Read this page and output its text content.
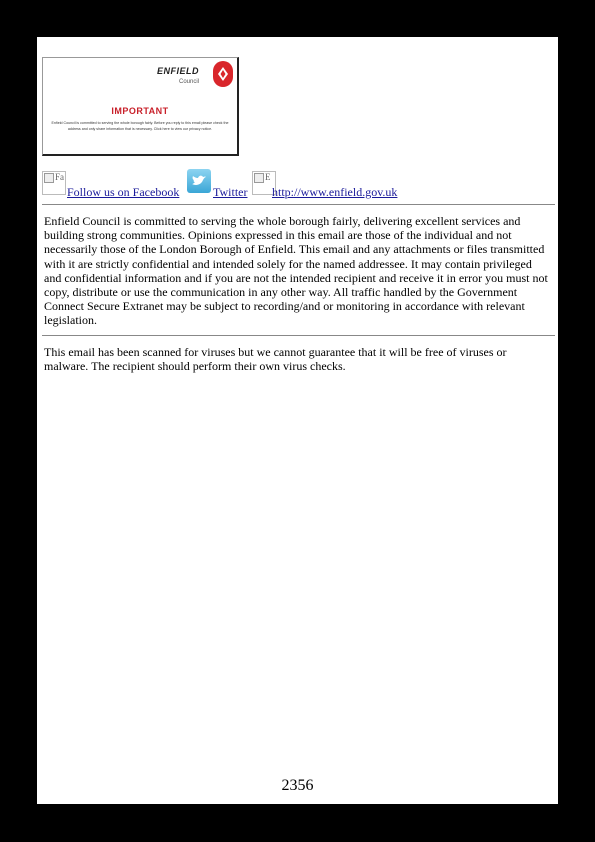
ENFIELD
Council
IMPORTANT
Enfield Council is committed to serving the whole borough fairly. Before you reply to this email please check the address and only share information that is necessary. Click here to view our privacy notice.
Fa
Follow us on Facebook	Twitter
E
http://www.enfield.gov.uk

Enfield Council is committed to serving the whole borough fairly, delivering excellent services and building strong communities. Opinions expressed in this email are those of the individual and not necessarily those of the London Borough of Enfield. This email and any attachments or files transmitted with it are strictly confidential and intended solely for the named addressee. It may contain privileged and confidential information and if you are not the intended recipient and receive it in error you must not copy, distribute or use the communication in any other way. All traffic handled by the Government Connect Secure Extranet may be subject to recording/and or monitoring in accordance with relevant legislation.

This email has been scanned for viruses but we cannot guarantee that it will be free of viruses or malware. The recipient should perform their own virus checks.

2356
